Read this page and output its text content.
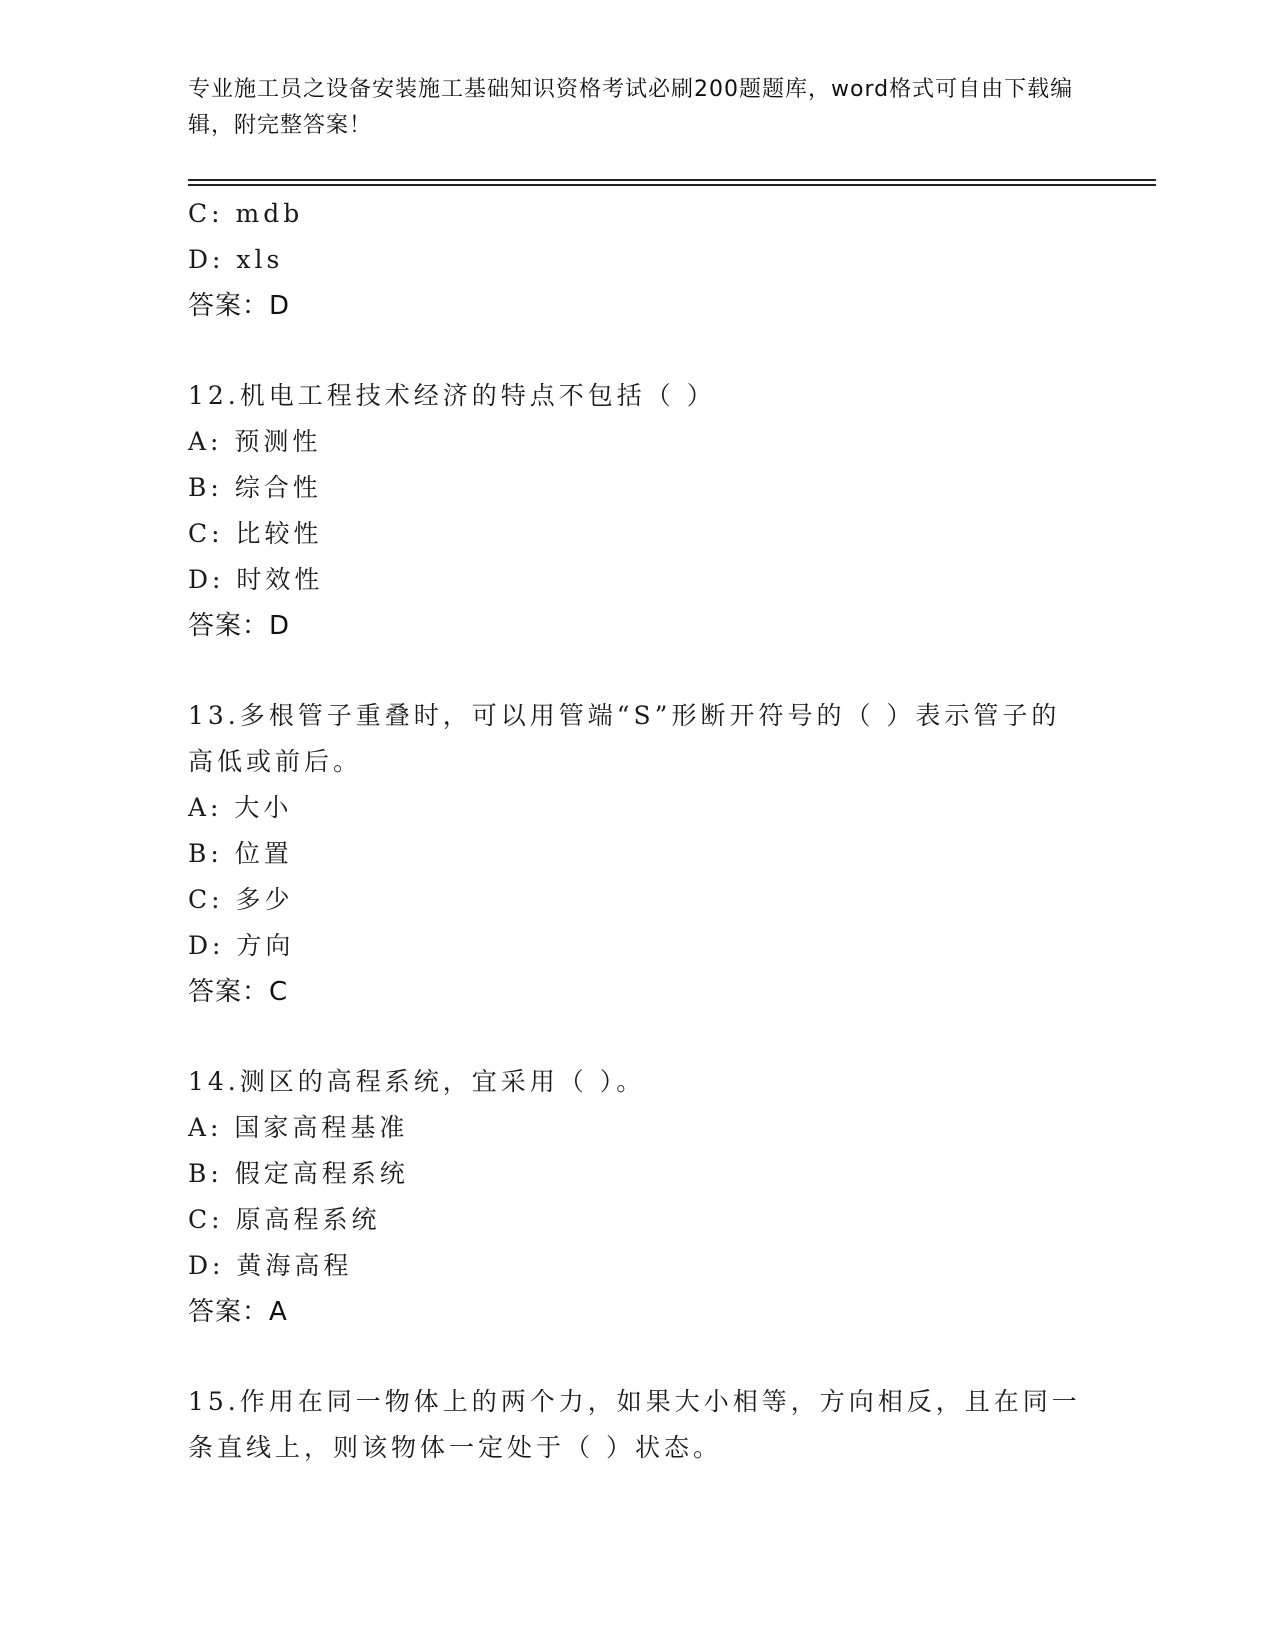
专业施工员之设备安装施工基础知识资格考试必刷200题题库，word格式可自由下载编辑，附完整答案！
C: mdb
D: xls
答案：D
12.机电工程技术经济的特点不包括（ ）
A: 预测性
B: 综合性
C: 比较性
D: 时效性
答案：D
13.多根管子重叠时，可以用管端“S”形断开符号的（ ）表示管子的高低或前后。
A: 大小
B: 位置
C: 多少
D: 方向
答案：C
14.测区的高程系统，宜采用（ ）。
A: 国家高程基准
B: 假定高程系统
C: 原高程系统
D: 黄海高程
答案：A
15.作用在同一物体上的两个力，如果大小相等，方向相反，且在同一条直线上，则该物体一定处于（ ）状态。
